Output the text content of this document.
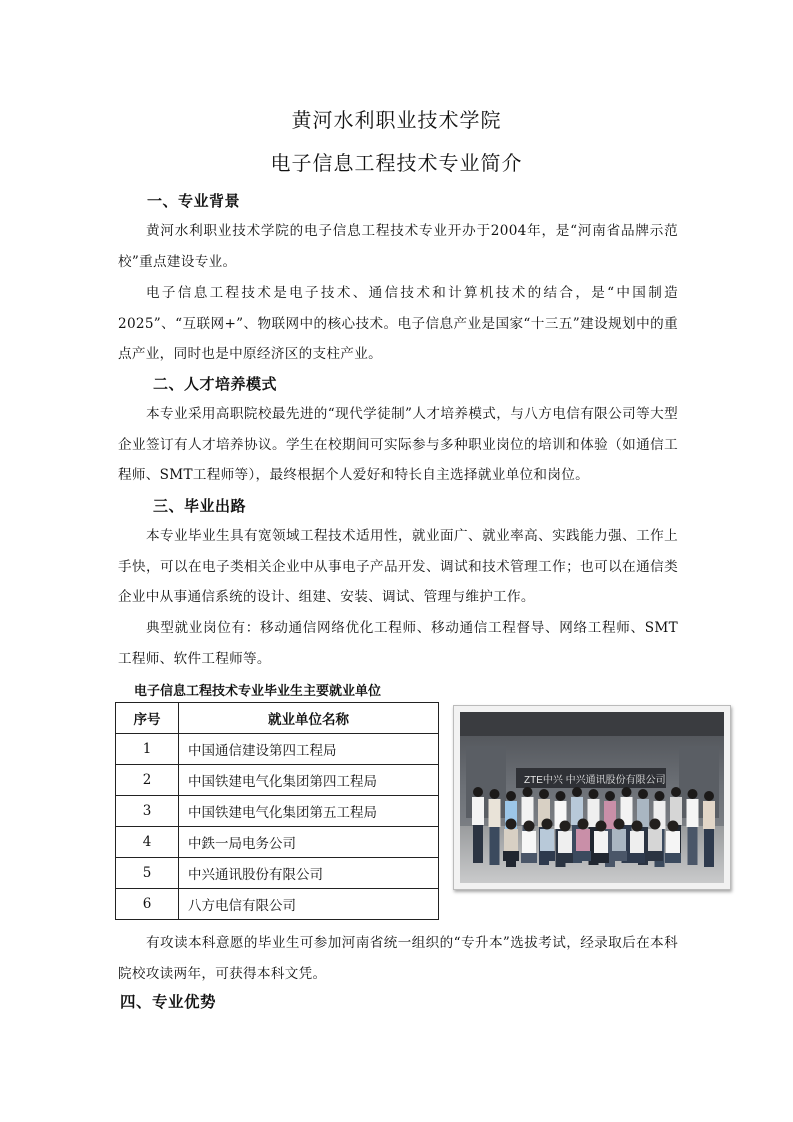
黄河水利职业技术学院
电子信息工程技术专业简介
一、专业背景
黄河水利职业技术学院的电子信息工程技术专业开办于2004年，是“河南省品牌示范校”重点建设专业。
电子信息工程技术是电子技术、通信技术和计算机技术的结合，是“中国制造2025”、“互联网+”、物联网中的核心技术。电子信息产业是国家“十三五”建设规划中的重点产业，同时也是中原经济区的支柱产业。
二、人才培养模式
本专业采用高职院校最先进的“现代学徒制”人才培养模式，与八方电信有限公司等大型企业签订有人才培养协议。学生在校期间可实际参与多种职业岗位的培训和体验（如通信工程师、SMT工程师等），最终根据个人爱好和特长自主选择就业单位和岗位。
三、毕业出路
本专业毕业生具有宽领域工程技术适用性，就业面广、就业率高、实践能力强、工作上手快，可以在电子类相关企业中从事电子产品开发、调试和技术管理工作；也可以在通信类企业中从事通信系统的设计、组建、安装、调试、管理与维护工作。
典型就业岗位有：移动通信网络优化工程师、移动通信工程督导、网络工程师、SMT工程师、软件工程师等。
电子信息工程技术专业毕业生主要就业单位
序号	就业单位名称
1	中国通信建设第四工程局
2	中国铁建电气化集团第四工程局
3	中国铁建电气化集团第五工程局
4	中鉄一局电务公司
5	中兴通讯股份有限公司
6	八方电信有限公司
ZTE中兴 中兴通讯股份有限公司
有攻读本科意愿的毕业生可参加河南省统一组织的“专升本”选拔考试，经录取后在本科院校攻读两年，可获得本科文凭。
四、专业优势
